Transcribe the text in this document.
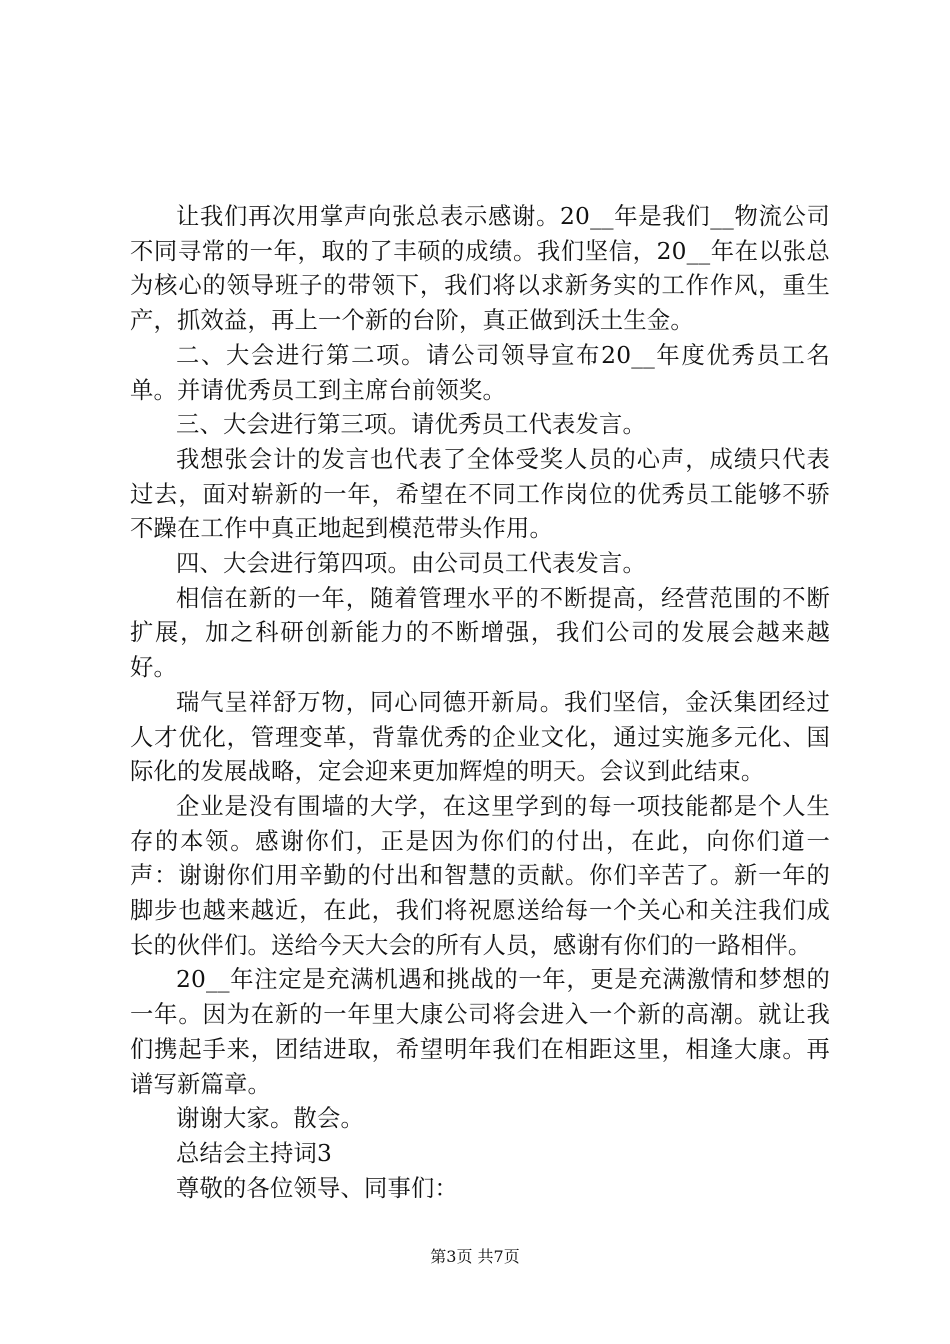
让我们再次用掌声向张总表示感谢。20__年是我们__物流公司不同寻常的一年，取的了丰硕的成绩。我们坚信，20__年在以张总为核心的领导班子的带领下，我们将以求新务实的工作作风，重生产，抓效益，再上一个新的台阶，真正做到沃土生金。

二、大会进行第二项。请公司领导宣布20__年度优秀员工名单。并请优秀员工到主席台前领奖。

三、大会进行第三项。请优秀员工代表发言。

我想张会计的发言也代表了全体受奖人员的心声，成绩只代表过去，面对崭新的一年，希望在不同工作岗位的优秀员工能够不骄不躁在工作中真正地起到模范带头作用。

四、大会进行第四项。由公司员工代表发言。

相信在新的一年，随着管理水平的不断提高，经营范围的不断扩展，加之科研创新能力的不断增强，我们公司的发展会越来越好。

瑞气呈祥舒万物，同心同德开新局。我们坚信，金沃集团经过人才优化，管理变革，背靠优秀的企业文化，通过实施多元化、国际化的发展战略，定会迎来更加辉煌的明天。会议到此结束。

企业是没有围墙的大学，在这里学到的每一项技能都是个人生存的本领。感谢你们，正是因为你们的付出，在此，向你们道一声：谢谢你们用辛勤的付出和智慧的贡献。你们辛苦了。新一年的脚步也越来越近，在此，我们将祝愿送给每一个关心和关注我们成长的伙伴们。送给今天大会的所有人员，感谢有你们的一路相伴。

20__年注定是充满机遇和挑战的一年，更是充满激情和梦想的一年。因为在新的一年里大康公司将会进入一个新的高潮。就让我们携起手来，团结进取，希望明年我们在相距这里，相逢大康。再谱写新篇章。

谢谢大家。散会。

总结会主持词3

尊敬的各位领导、同事们：

第3页 共7页
